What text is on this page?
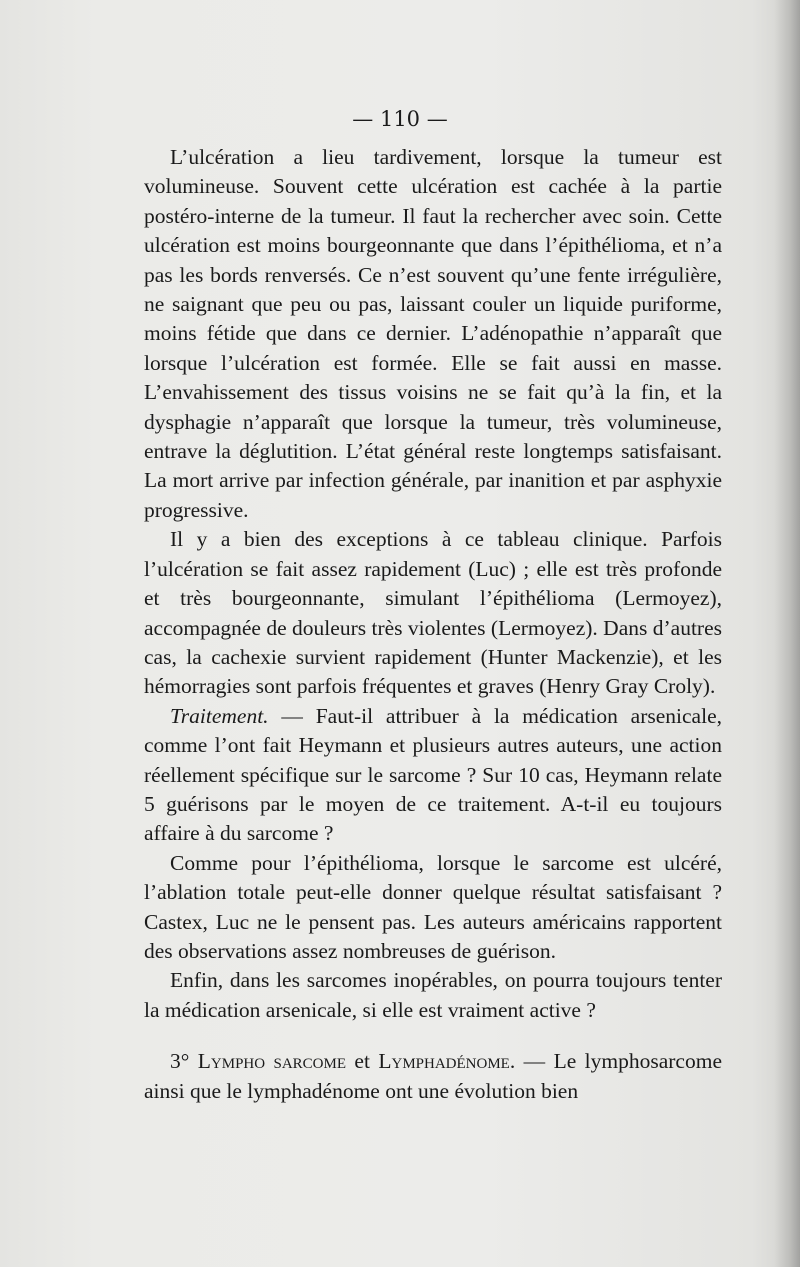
— 110 —

L’ulcération a lieu tardivement, lorsque la tumeur est volumineuse. Souvent cette ulcération est cachée à la partie postéro-interne de la tumeur. Il faut la rechercher avec soin. Cette ulcération est moins bourgeonnante que dans l’épithélioma, et n’a pas les bords renversés. Ce n’est souvent qu’une fente irrégulière, ne saignant que peu ou pas, laissant couler un liquide puriforme, moins fétide que dans ce dernier. L’adénopathie n’apparaît que lorsque l’ulcération est formée. Elle se fait aussi en masse. L’envahissement des tissus voisins ne se fait qu’à la fin, et la dysphagie n’apparaît que lorsque la tumeur, très volumineuse, entrave la déglutition. L’état général reste longtemps satisfaisant. La mort arrive par infection générale, par inanition et par asphyxie progressive.

Il y a bien des exceptions à ce tableau clinique. Parfois l’ulcération se fait assez rapidement (Luc) ; elle est très profonde et très bourgeonnante, simulant l’épithélioma (Lermoyez), accompagnée de douleurs très violentes (Lermoyez). Dans d’autres cas, la cachexie survient rapidement (Hunter Mackenzie), et les hémorragies sont parfois fréquentes et graves (Henry Gray Croly).

Traitement. — Faut-il attribuer à la médication arsenicale, comme l’ont fait Heymann et plusieurs autres auteurs, une action réellement spécifique sur le sarcome ? Sur 10 cas, Heymann relate 5 guérisons par le moyen de ce traitement. A-t-il eu toujours affaire à du sarcome ?

Comme pour l’épithélioma, lorsque le sarcome est ulcéré, l’ablation totale peut-elle donner quelque résultat satisfaisant ? Castex, Luc ne le pensent pas. Les auteurs américains rapportent des observations assez nombreuses de guérison.

Enfin, dans les sarcomes inopérables, on pourra toujours tenter la médication arsenicale, si elle est vraiment active ?

3° Lympho sarcome et Lymphadénome. — Le lymphosarcome ainsi que le lymphadénome ont une évolution bien
